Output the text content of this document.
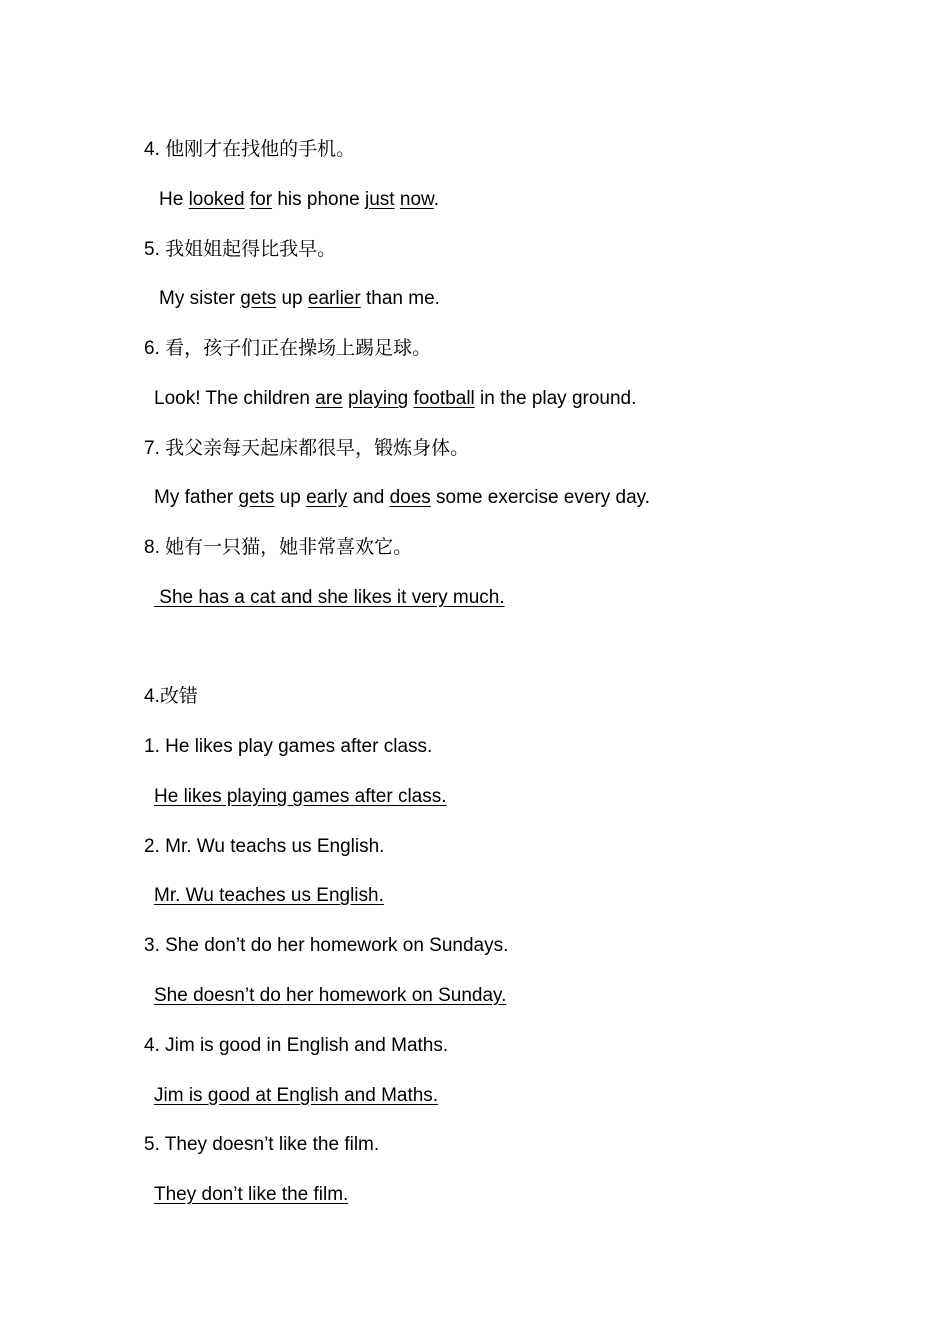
4. 他刚才在找他的手机。
He looked for his phone just now.
5. 我姐姐起得比我早。
My sister gets up earlier than me.
6. 看，孩子们正在操场上踢足球。
Look! The children are playing football in the play ground.
7. 我父亲每天起床都很早，锻炼身体。
My father gets up early and does some exercise every day.
8. 她有一只猫，她非常喜欢它。
She has a cat and she likes it very much.
4.改错
1. He likes play games after class.
He likes playing games after class.
2. Mr. Wu teachs us English.
Mr. Wu teaches us English.
3. She don’t do her homework on Sundays.
She doesn’t do her homework on Sunday.
4. Jim is good in English and Maths.
Jim is good at English and Maths.
5. They doesn’t like the film.
They don’t like the film.
